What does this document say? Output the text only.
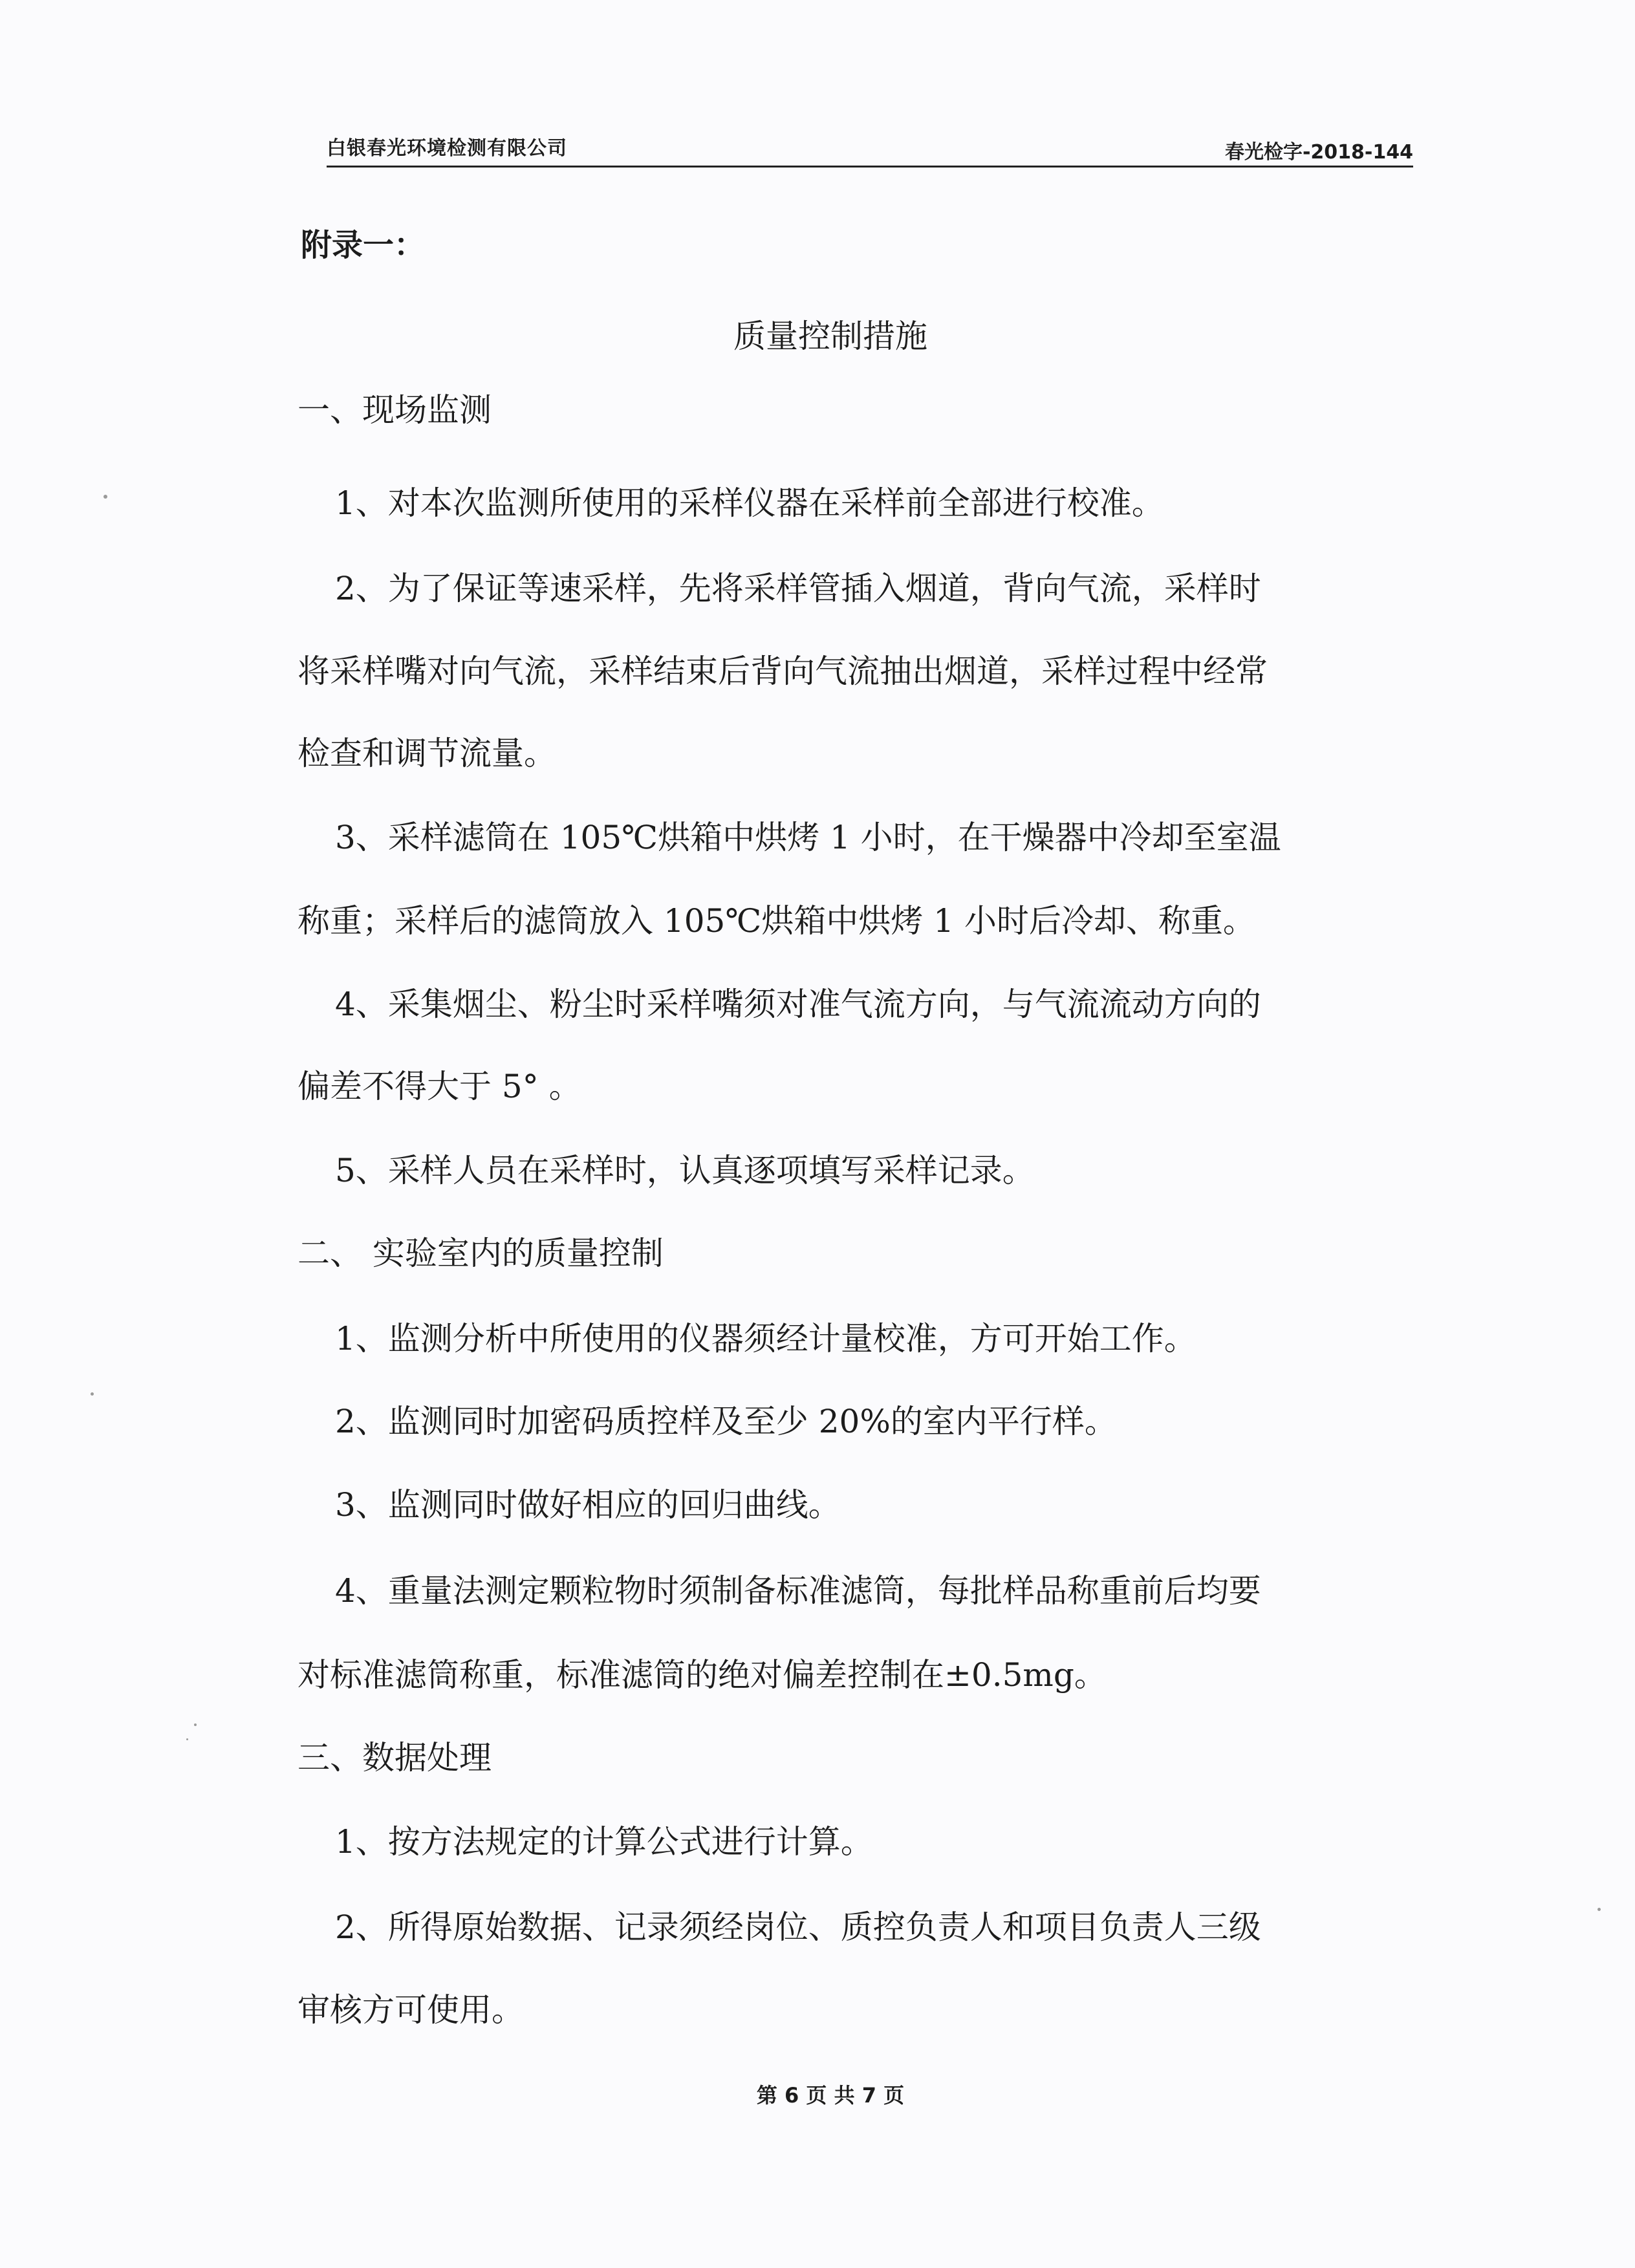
白银春光环境检测有限公司	春光检字-2018-144
附录一：
质量控制措施
一、现场监测
1、对本次监测所使用的采样仪器在采样前全部进行校准。
2、为了保证等速采样，先将采样管插入烟道，背向气流，采样时
将采样嘴对向气流，采样结束后背向气流抽出烟道，采样过程中经常
检查和调节流量。
3、采样滤筒在 105℃烘箱中烘烤 1 小时，在干燥器中冷却至室温
称重；采样后的滤筒放入 105℃烘箱中烘烤 1 小时后冷却、称重。
4、采集烟尘、粉尘时采样嘴须对准气流方向，与气流流动方向的
偏差不得大于 5° 。
5、采样人员在采样时，认真逐项填写采样记录。
二、 实验室内的质量控制
1、监测分析中所使用的仪器须经计量校准，方可开始工作。
2、监测同时加密码质控样及至少 20%的室内平行样。
3、监测同时做好相应的回归曲线。
4、重量法测定颗粒物时须制备标准滤筒，每批样品称重前后均要
对标准滤筒称重，标准滤筒的绝对偏差控制在±0.5mg。
三、数据处理
1、按方法规定的计算公式进行计算。
2、所得原始数据、记录须经岗位、质控负责人和项目负责人三级
审核方可使用。
第 6 页 共 7 页
